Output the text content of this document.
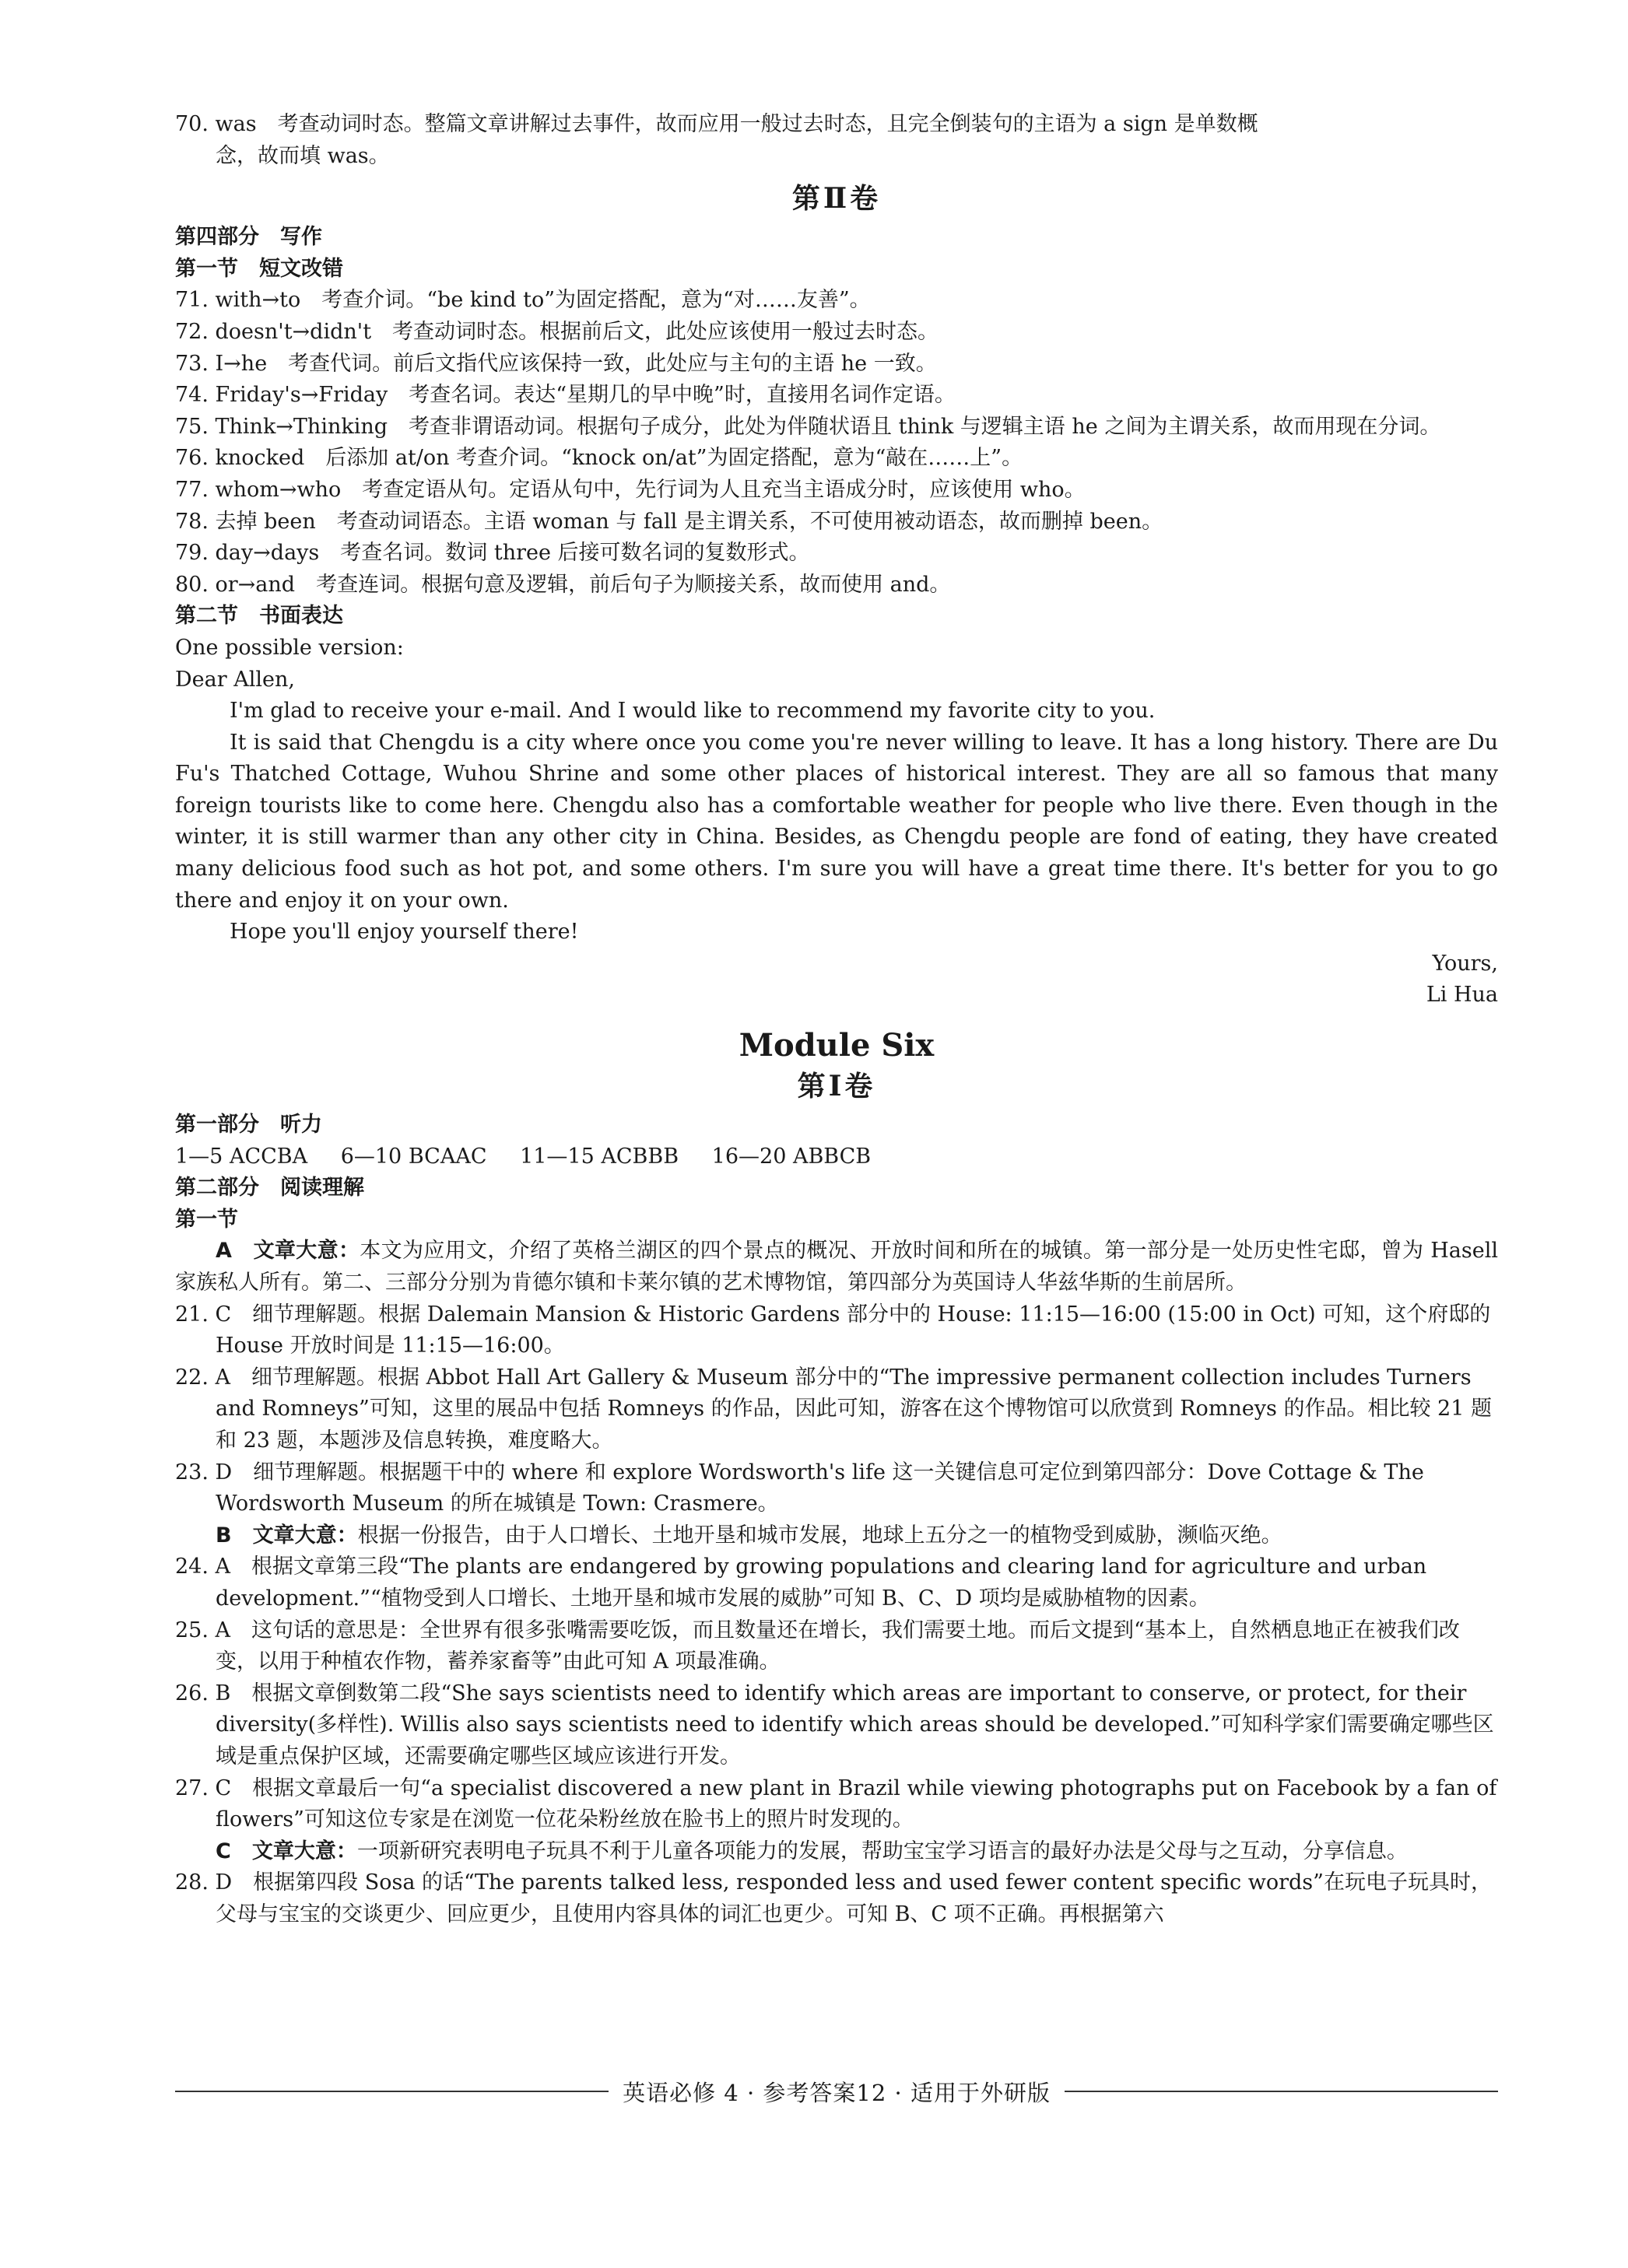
70. was　考查动词时态。整篇文章讲解过去事件，故而应用一般过去时态，且完全倒装句的主语为 a sign 是单数概
念，故而填 was。
第Ⅱ卷
第四部分　写作
第一节　短文改错
71. with→to　考查介词。“be kind to”为固定搭配，意为“对……友善”。
72. doesn't→didn't　考查动词时态。根据前后文，此处应该使用一般过去时态。
73. I→he　考查代词。前后文指代应该保持一致，此处应与主句的主语 he 一致。
74. Friday's→Friday　考查名词。表达“星期几的早中晚”时，直接用名词作定语。
75. Think→Thinking　考查非谓语动词。根据句子成分，此处为伴随状语且 think 与逻辑主语 he 之间为主谓关系，故而用现在分词。
76. knocked　后添加 at/on 考查介词。“knock on/at”为固定搭配，意为“敲在……上”。
77. whom→who　考查定语从句。定语从句中，先行词为人且充当主语成分时，应该使用 who。
78. 去掉 been　考查动词语态。主语 woman 与 fall 是主谓关系，不可使用被动语态，故而删掉 been。
79. day→days　考查名词。数词 three 后接可数名词的复数形式。
80. or→and　考查连词。根据句意及逻辑，前后句子为顺接关系，故而使用 and。
第二节　书面表达

One possible version:

Dear Allen,

I'm glad to receive your e-mail. And I would like to recommend my favorite city to you.

It is said that Chengdu is a city where once you come you're never willing to leave. It has a long history. There are Du Fu's Thatched Cottage, Wuhou Shrine and some other places of historical interest. They are all so famous that many foreign tourists like to come here. Chengdu also has a comfortable weather for people who live there. Even though in the winter, it is still warmer than any other city in China. Besides, as Chengdu people are fond of eating, they have created many delicious food such as hot pot, and some others. I'm sure you will have a great time there. It's better for you to go there and enjoy it on your own.

Hope you'll enjoy yourself there!

Yours,

Li Hua

Module Six
第Ⅰ卷
第一部分　听力
1—5 ACCBA 6—10 BCAAC 11—15 ACBBB 16—20 ABBCB
第二部分　阅读理解
第一节
A　文章大意：本文为应用文，介绍了英格兰湖区的四个景点的概况、开放时间和所在的城镇。第一部分是一处历史性宅邸，曾为 Hasell 家族私人所有。第二、三部分分别为肯德尔镇和卡莱尔镇的艺术博物馆，第四部分为英国诗人华兹华斯的生前居所。
21. C　细节理解题。根据 Dalemain Mansion & Historic Gardens 部分中的 House: 11:15—16:00 (15:00 in Oct) 可知，这个府邸的 House 开放时间是 11:15—16:00。
22. A　细节理解题。根据 Abbot Hall Art Gallery & Museum 部分中的“The impressive permanent collection includes Turners and Romneys”可知，这里的展品中包括 Romneys 的作品，因此可知，游客在这个博物馆可以欣赏到 Romneys 的作品。相比较 21 题和 23 题，本题涉及信息转换，难度略大。
23. D　细节理解题。根据题干中的 where 和 explore Wordsworth's life 这一关键信息可定位到第四部分：Dove Cottage & The Wordsworth Museum 的所在城镇是 Town: Crasmere。
B　文章大意：根据一份报告，由于人口增长、土地开垦和城市发展，地球上五分之一的植物受到威胁，濒临灭绝。
24. A　根据文章第三段“The plants are endangered by growing populations and clearing land for agriculture and urban development.”“植物受到人口增长、土地开垦和城市发展的威胁”可知 B、C、D 项均是威胁植物的因素。
25. A　这句话的意思是：全世界有很多张嘴需要吃饭，而且数量还在增长，我们需要土地。而后文提到“基本上，自然栖息地正在被我们改变，以用于种植农作物，蓄养家畜等”由此可知 A 项最准确。
26. B　根据文章倒数第二段“She says scientists need to identify which areas are important to conserve, or protect, for their diversity(多样性). Willis also says scientists need to identify which areas should be developed.”可知科学家们需要确定哪些区域是重点保护区域，还需要确定哪些区域应该进行开发。
27. C　根据文章最后一句“a specialist discovered a new plant in Brazil while viewing photographs put on Facebook by a fan of flowers”可知这位专家是在浏览一位花朵粉丝放在脸书上的照片时发现的。
C　文章大意：一项新研究表明电子玩具不利于儿童各项能力的发展，帮助宝宝学习语言的最好办法是父母与之互动，分享信息。
28. D　根据第四段 Sosa 的话“The parents talked less, responded less and used fewer content specific words”在玩电子玩具时，父母与宝宝的交谈更少、回应更少，且使用内容具体的词汇也更少。可知 B、C 项不正确。再根据第六
英语必修 4 · 参考答案12 · 适用于外研版
